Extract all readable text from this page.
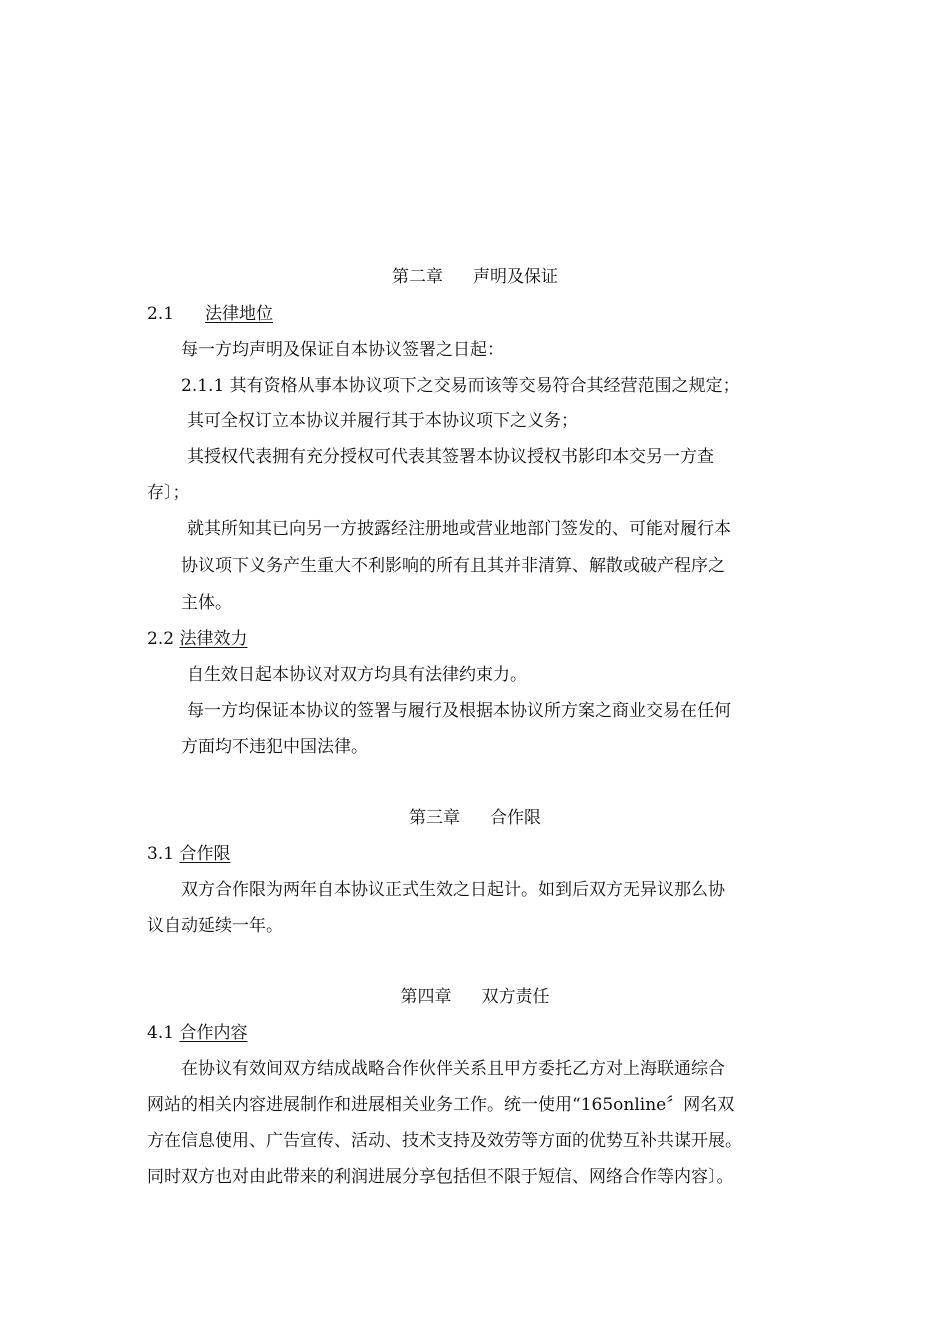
第二章 声明及保证
2.1 法律地位
每一方均声明及保证自本协议签署之日起：
2.1.1 其有资格从事本协议项下之交易而该等交易符合其经营范围之规定；
其可全权订立本协议并履行其于本协议项下之义务；
其授权代表拥有充分授权可代表其签署本协议授权书影印本交另一方查
存〕；
就其所知其已向另一方披露经注册地或营业地部门签发的、可能对履行本
协议项下义务产生重大不利影响的所有且其并非清算、解散或破产程序之
主体。
2.2 法律效力
自生效日起本协议对双方均具有法律约束力。
每一方均保证本协议的签署与履行及根据本协议所方案之商业交易在任何
方面均不违犯中国法律。
第三章 合作限
3.1 合作限
双方合作限为两年自本协议正式生效之日起计。如到后双方无异议那么协
议自动延续一年。
第四章 双方责任
4.1 合作内容
在协议有效间双方结成战略合作伙伴关系且甲方委托乙方对上海联通综合
网站的相关内容进展制作和进展相关业务工作。统一使用“165online〞网名双
方在信息使用、广告宣传、活动、技术支持及效劳等方面的优势互补共谋开展。
同时双方也对由此带来的利润进展分享包括但不限于短信、网络合作等内容〕。
